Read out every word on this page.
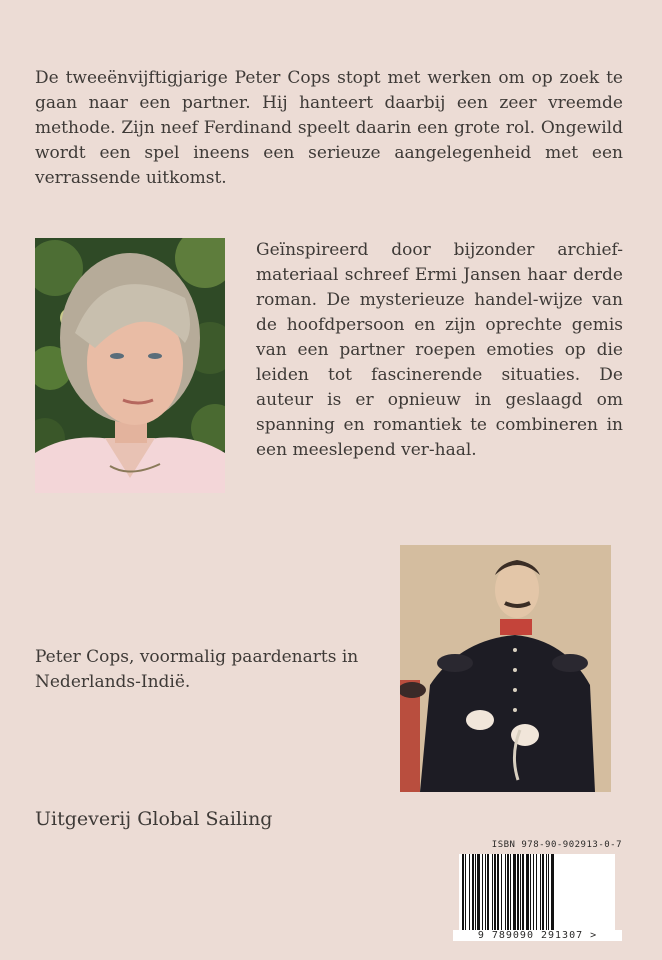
De tweeënvijftigjarige Peter Cops stopt met werken om op zoek te gaan naar een partner. Hij hanteert daarbij een zeer vreemde methode. Zijn neef Ferdinand speelt daarin een grote rol. Ongewild wordt een spel ineens een serieuze aangelegenheid met een verrassende uitkomst.

Geïnspireerd door bijzonder archief-materiaal schreef Ermi Jansen haar derde roman. De mysterieuze handel-wijze van de hoofdpersoon en zijn oprechte gemis van een partner roepen emoties op die leiden tot fascinerende situaties. De auteur is er opnieuw in geslaagd om spanning en romantiek te combineren in een meeslepend ver-haal.

Peter Cops, voormalig paardenarts in Nederlands-Indië.

Uitgeverij Global Sailing

ISBN 978-90-902913-0-7

9 789090 291307 >
